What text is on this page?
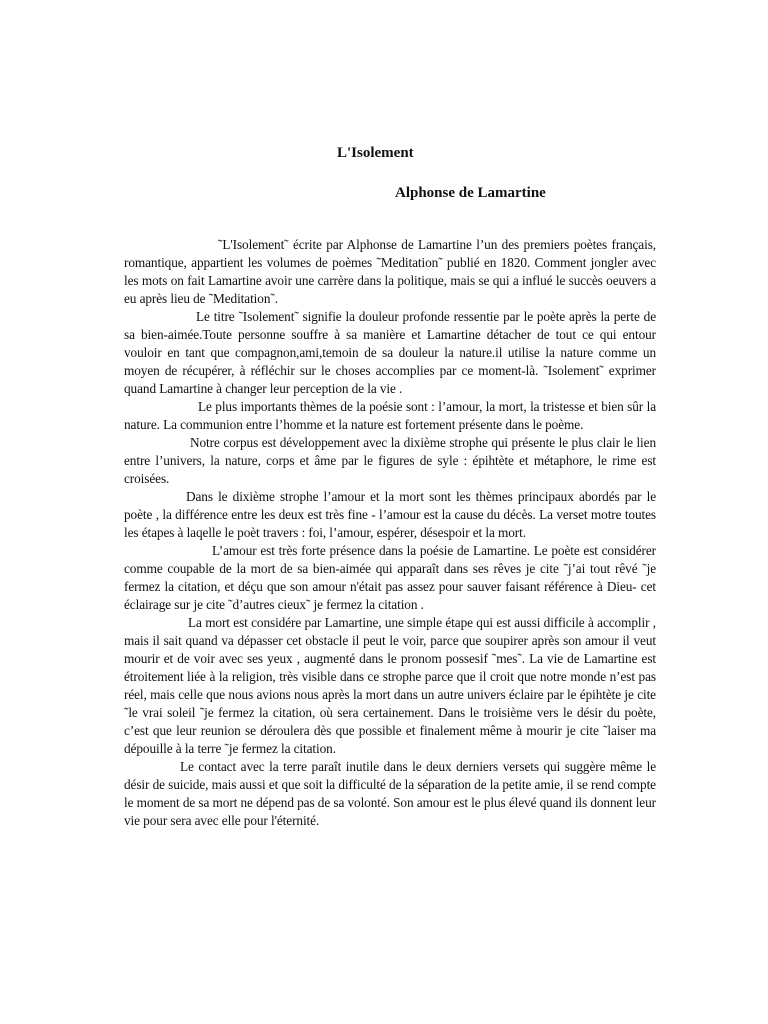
L'Isolement
Alphonse de Lamartine

˜L'Isolement˜ écrite par Alphonse de Lamartine l’un des premiers poètes français, romantique, appartient les volumes de poèmes ˜Meditation˜ publié en 1820. Comment jongler avec les mots on fait Lamartine avoir une carrère dans la politique, mais se qui a influé le succès oeuvers a eu après lieu de ˜Meditation˜.

Le titre ˜Isolement˜ signifie la douleur profonde ressentie par le poète après la perte de sa bien-aimée.Toute personne souffre à sa manière et Lamartine détacher de tout ce qui entour vouloir en tant que compagnon,ami,temoin de sa douleur la nature.il utilise la nature comme un moyen de récupérer, à réfléchir sur le choses accomplies par ce moment-là. ˜Isolement˜ exprimer quand Lamartine à changer leur perception de la vie .

Le plus importants thèmes de la poésie sont : l’amour, la mort, la tristesse et bien sûr la nature. La communion entre l’homme et la nature est fortement présente dans le poème.

Notre corpus est développement avec la dixième strophe qui présente le plus clair le lien entre l’univers, la nature, corps et âme par le figures de syle : épihtète et métaphore, le rime est croisées.

Dans le dixième strophe l’amour et la mort sont les thèmes principaux abordés par le poète , la différence entre les deux est très fine - l’amour est la cause du décès. La verset motre toutes les étapes à laqelle le poèt travers : foi, l’amour, espérer, désespoir et la mort.

L’amour est très forte présence dans la poésie de Lamartine. Le poète est considérer comme coupable de la mort de sa bien-aimée qui apparaît dans ses rêves je cite ˜j’ai tout rêvé ˜je fermez la citation, et déçu que son amour n'était pas assez pour sauver faisant référence à Dieu- cet éclairage sur je cite ˜d’autres cieux˜ je fermez la citation .

La mort est considére par Lamartine, une simple étape qui est aussi difficile à accomplir , mais il sait quand va dépasser cet obstacle il peut le voir, parce que soupirer après son amour il veut mourir et de voir avec ses yeux , augmenté dans le pronom possesif ˜mes˜. La vie de Lamartine est étroitement liée à la religion, très visible dans ce strophe parce que il croit que notre monde n’est pas réel, mais celle que nous avions nous après la mort dans un autre univers éclaire par le épihtète je cite ˜le vrai soleil ˜je fermez la citation, où sera certainement. Dans le troisième vers le désir du poète, c’est que leur reunion se déroulera dès que possible et finalement même à mourir je cite ˜laiser ma dépouille à la terre ˜je fermez la citation.

Le contact avec la terre paraît inutile dans le deux derniers versets qui suggère même le désir de suicide, mais aussi et que soit la difficulté de la séparation de la petite amie, il se rend compte le moment de sa mort ne dépend pas de sa volonté. Son amour est le plus élevé quand ils donnent leur vie pour sera avec elle pour l'éternité.
